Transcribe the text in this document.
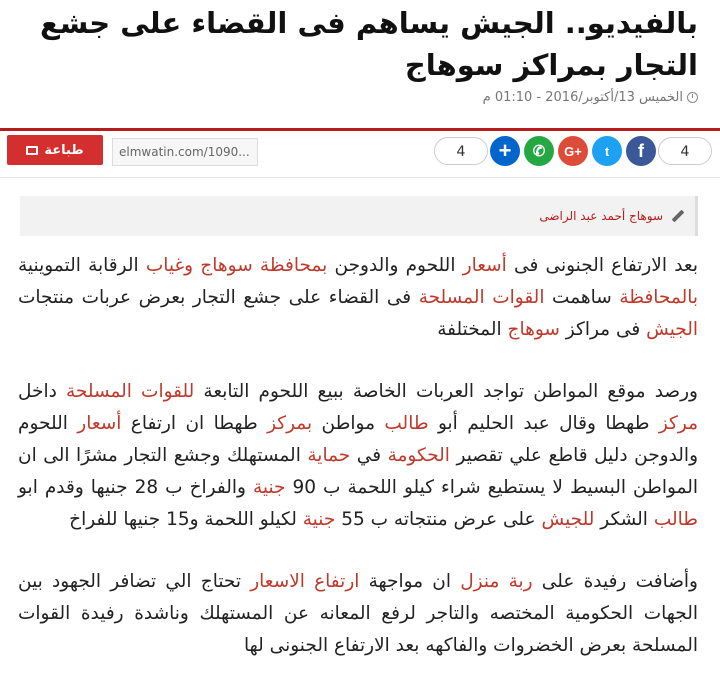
بالفيديو.. الجيش يساهم فى القضاء على جشع التجار بمراكز سوهاج
الخميس 13/أكتوبر/2016 - 01:10 م
4	+	✆	G+	t	f	4
elmwatin.com/1090...
طباعة
سوهاج أحمد عبد الراضى

بعد الارتفاع الجنونى فى أسعار اللحوم والدوجن بمحافظة سوهاج وغياب الرقابة التموينية بالمحافظة ساهمت القوات المسلحة فى القضاء على جشع التجار بعرض عربات منتجات الجيش فى مراكز سوهاج المختلفة

ورصد موقع المواطن تواجد العربات الخاصة ببيع اللحوم التابعة للقوات المسلحة داخل مركز طهطا وقال عبد الحليم أبو طالب مواطن بمركز طهطا ان ارتفاع أسعار اللحوم والدوجن دليل قاطع علي تقصير الحكومة في حماية المستهلك وجشع التجار مشرًا الى ان المواطن البسيط لا يستطيع شراء كيلو اللحمة ب 90 جنية والفراخ ب 28 جنيها وقدم ابو طالب الشكر للجيش على عرض منتجاته ب 55 جنية لكيلو اللحمة و15 جنيها للفراخ

وأضافت رفيدة على ربة منزل ان مواجهة ارتفاع الاسعار تحتاج الي تضافر الجهود بين الجهات الحكومية المختصه والتاجر لرفع المعانه عن المستهلك وناشدة رفيدة القوات المسلحة بعرض الخضروات والفاكهه بعد الارتفاع الجنونى لها
